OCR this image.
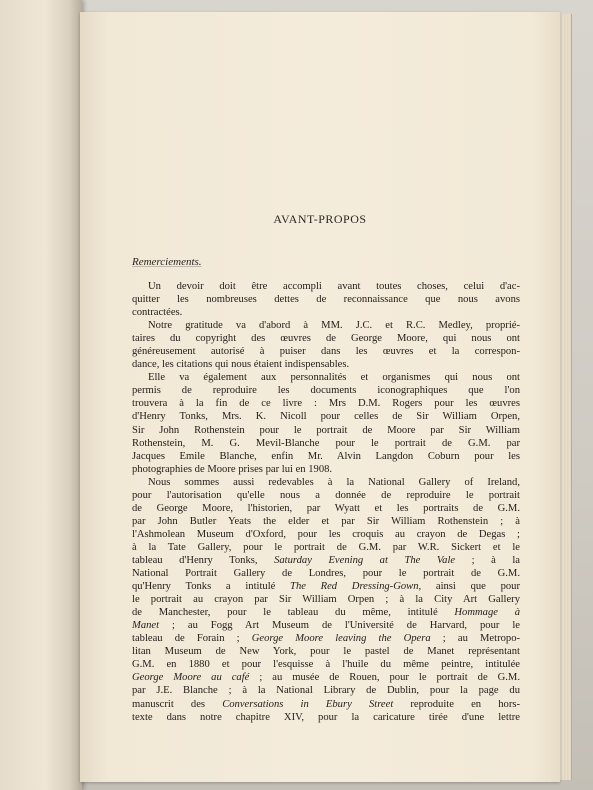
AVANT-PROPOS
Remerciements.
Un devoir doit être accompli avant toutes choses, celui d'ac-
quitter les nombreuses dettes de reconnaissance que nous avons
contractées.
Notre gratitude va d'abord à MM. J.C. et R.C. Medley, proprié-
taires du copyright des œuvres de George Moore, qui nous ont
généreusement autorisé à puiser dans les œuvres et la correspon-
dance, les citations qui nous étaient indispensables.
Elle va également aux personnalités et organismes qui nous ont
permis de reproduire les documents iconographiques que l'on
trouvera à la fin de ce livre : Mrs D.M. Rogers pour les œuvres
d'Henry Tonks, Mrs. K. Nicoll pour celles de Sir William Orpen,
Sir John Rothenstein pour le portrait de Moore par Sir William
Rothenstein, M. G. Mevil-Blanche pour le portrait de G.M. par
Jacques Emile Blanche, enfin Mr. Alvin Langdon Coburn pour les
photographies de Moore prises par lui en 1908.
Nous sommes aussi redevables à la National Gallery of Ireland,
pour l'autorisation qu'elle nous a donnée de reproduire le portrait
de George Moore, l'historien, par Wyatt et les portraits de G.M.
par John Butler Yeats the elder et par Sir William Rothenstein ; à
l'Ashmolean Museum d'Oxford, pour les croquis au crayon de Degas ;
à la Tate Gallery, pour le portrait de G.M. par W.R. Sickert et le
tableau d'Henry Tonks, Saturday Evening at The Vale ; à la
National Portrait Gallery de Londres, pour le portrait de G.M.
qu'Henry Tonks a intitulé The Red Dressing-Gown, ainsi que pour
le portrait au crayon par Sir William Orpen ; à la City Art Gallery
de Manchester, pour le tableau du même, intitulé Hommage à
Manet ; au Fogg Art Museum de l'Université de Harvard, pour le
tableau de Forain ; George Moore leaving the Opera ; au Metropo-
litan Museum de New York, pour le pastel de Manet représentant
G.M. en 1880 et pour l'esquisse à l'huile du même peintre, intitulée
George Moore au café ; au musée de Rouen, pour le portrait de G.M.
par J.E. Blanche ; à la National Library de Dublin, pour la page du
manuscrit des Conversations in Ebury Street reproduite en hors-
texte dans notre chapitre XIV, pour la caricature tirée d'une lettre
